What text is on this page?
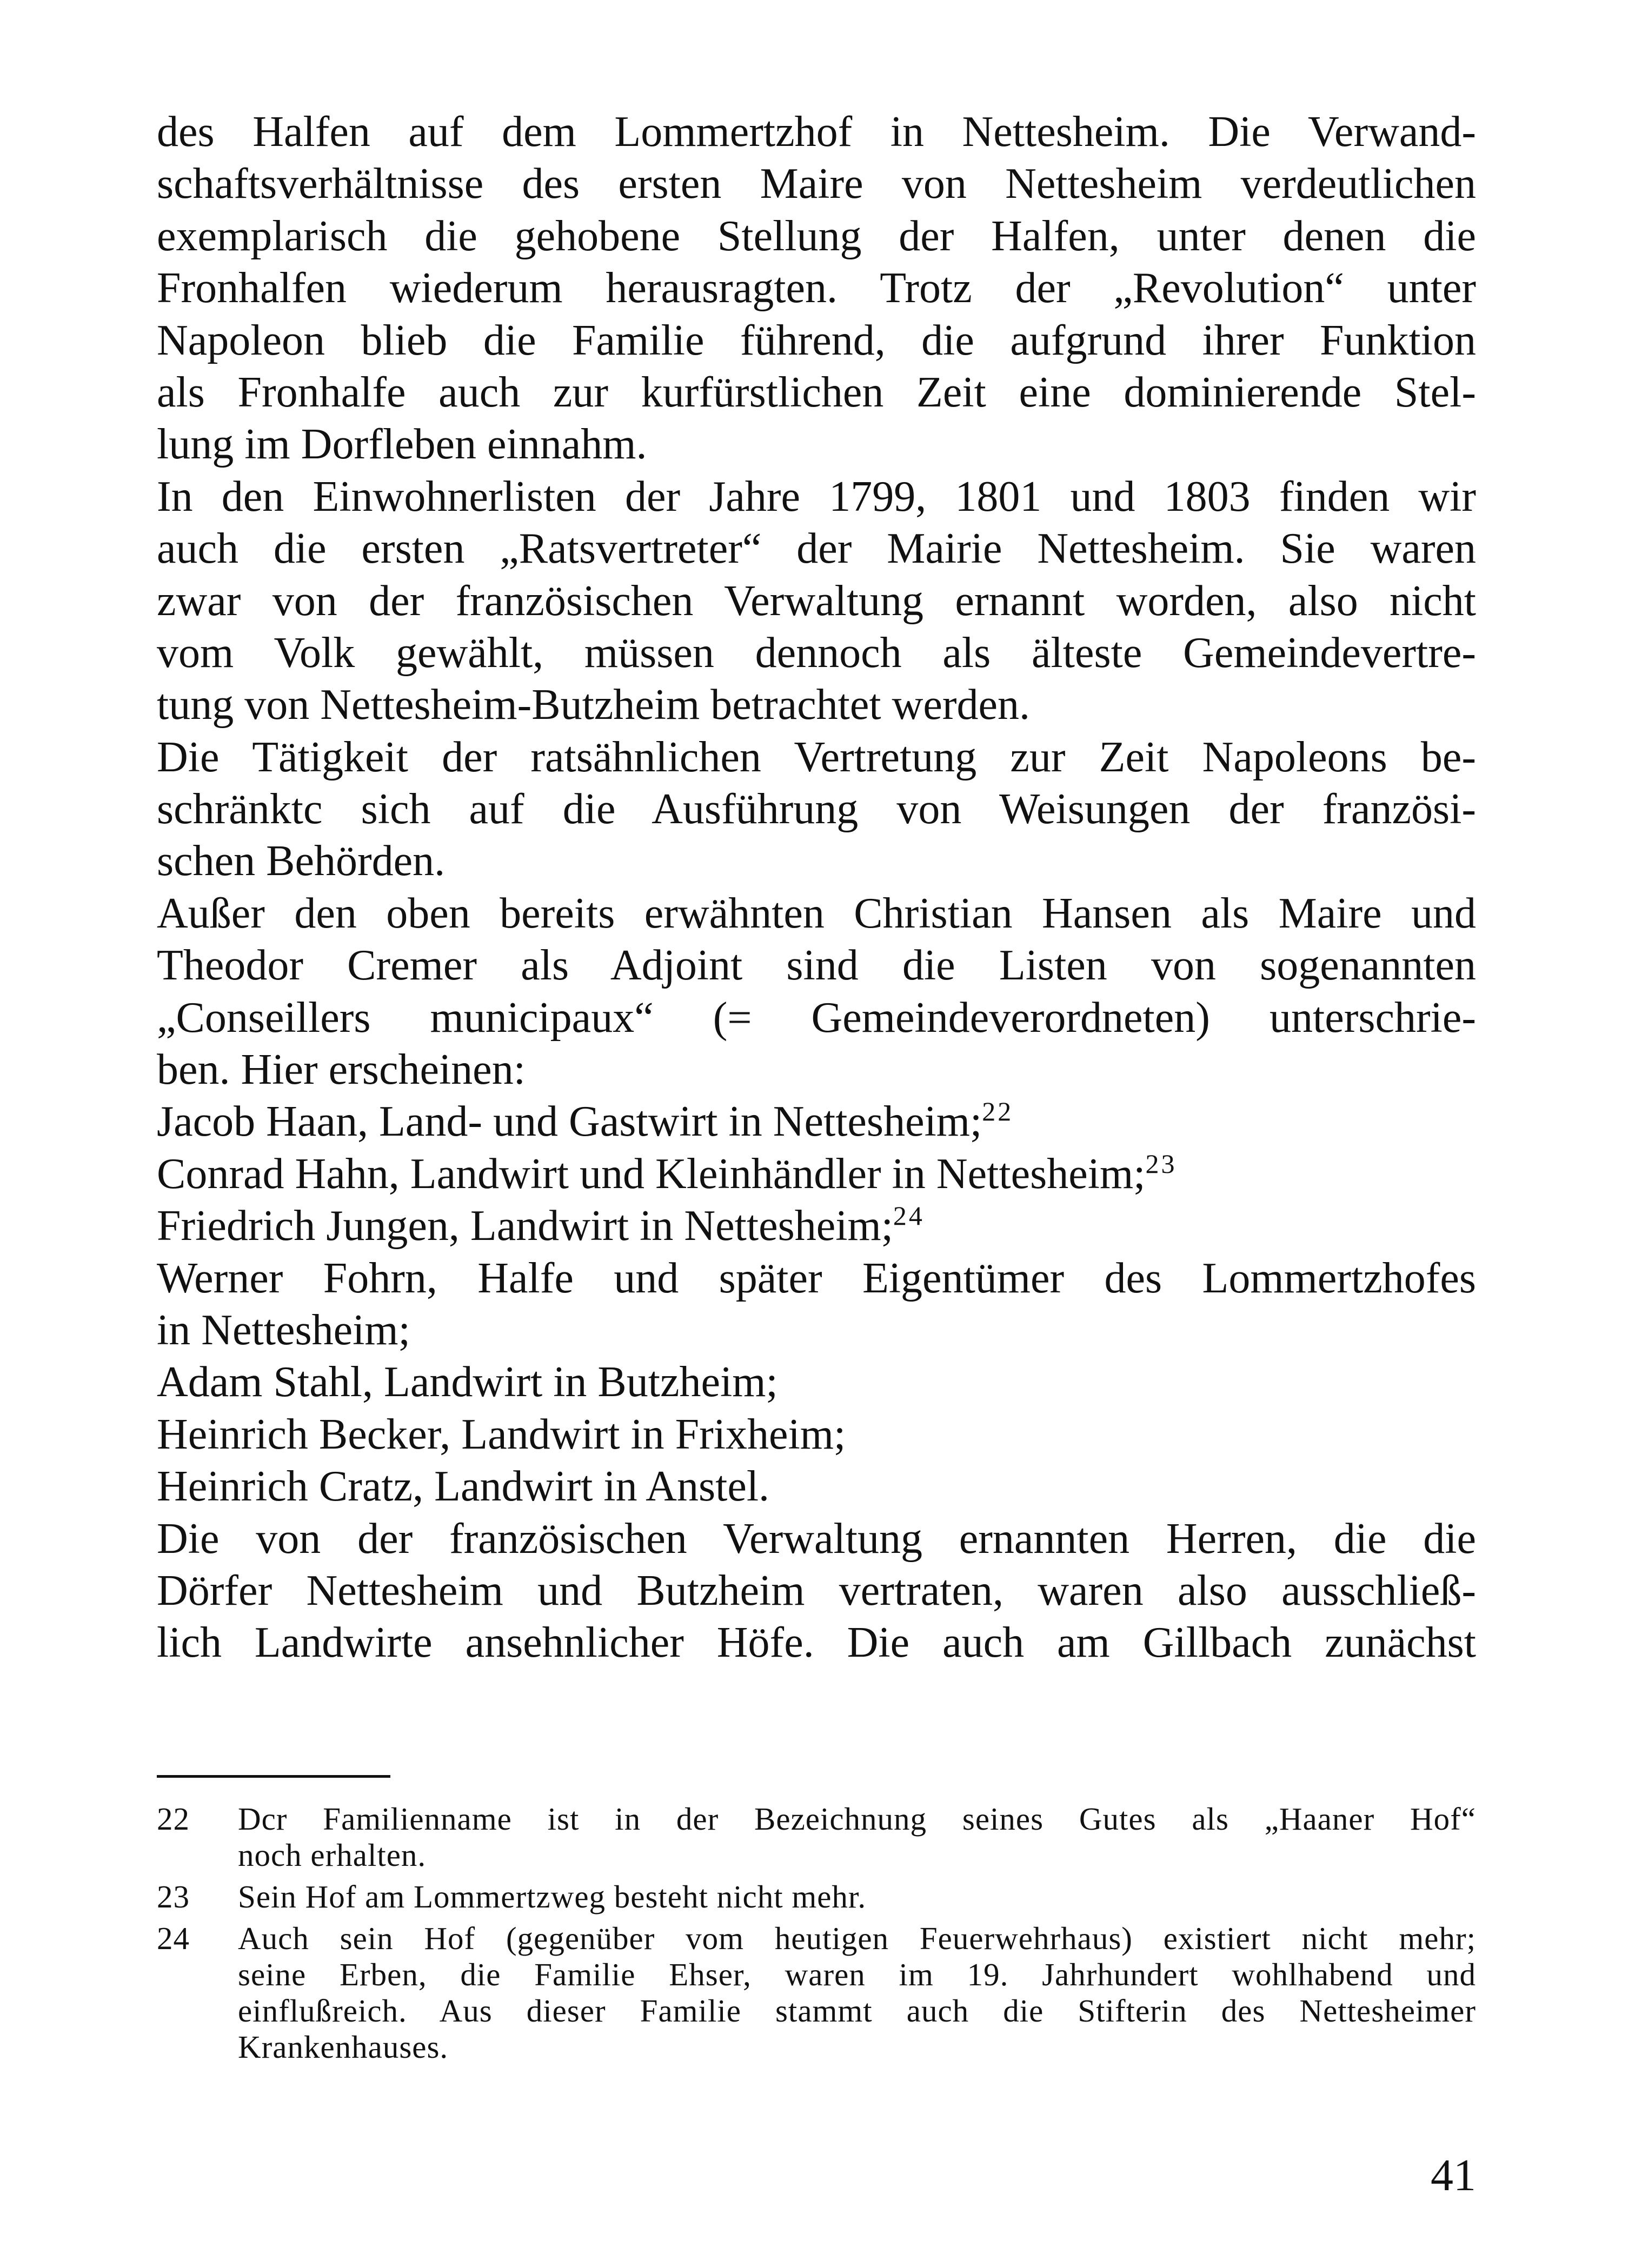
des Halfen auf dem Lommertzhof in Nettesheim. Die Verwand-
schaftsverhältnisse des ersten Maire von Nettesheim verdeutlichen
exemplarisch die gehobene Stellung der Halfen, unter denen die
Fronhalfen wiederum herausragten. Trotz der „Revolution“ unter
Napoleon blieb die Familie führend, die aufgrund ihrer Funktion
als Fronhalfe auch zur kurfürstlichen Zeit eine dominierende Stel-
lung im Dorfleben einnahm.
In den Einwohnerlisten der Jahre 1799, 1801 und 1803 finden wir
auch die ersten „Ratsvertreter“ der Mairie Nettesheim. Sie waren
zwar von der französischen Verwaltung ernannt worden, also nicht
vom Volk gewählt, müssen dennoch als älteste Gemeindevertre-
tung von Nettesheim-Butzheim betrachtet werden.
Die Tätigkeit der ratsähnlichen Vertretung zur Zeit Napoleons be-
schränktc sich auf die Ausführung von Weisungen der französi-
schen Behörden.
Außer den oben bereits erwähnten Christian Hansen als Maire und
Theodor Cremer als Adjoint sind die Listen von sogenannten
„Conseillers municipaux“ (= Gemeindeverordneten) unterschrie-
ben. Hier erscheinen:
Jacob Haan, Land- und Gastwirt in Nettesheim;$^{22}$
Conrad Hahn, Landwirt und Kleinhändler in Nettesheim;$^{23}$
Friedrich Jungen, Landwirt in Nettesheim;$^{24}$
Werner Fohrn, Halfe und später Eigentümer des Lommertzhofes
in Nettesheim;
Adam Stahl, Landwirt in Butzheim;
Heinrich Becker, Landwirt in Frixheim;
Heinrich Cratz, Landwirt in Anstel.
Die von der französischen Verwaltung ernannten Herren, die die
Dörfer Nettesheim und Butzheim vertraten, waren also ausschließ-
lich Landwirte ansehnlicher Höfe. Die auch am Gillbach zunächst
22 Dcr Familienname ist in der Bezeichnung seines Gutes als „Haaner Hof“
noch erhalten.
23 Sein Hof am Lommertzweg besteht nicht mehr.
24 Auch sein Hof (gegenüber vom heutigen Feuerwehrhaus) existiert nicht mehr;
seine Erben, die Familie Ehser, waren im 19. Jahrhundert wohlhabend und
einflußreich. Aus dieser Familie stammt auch die Stifterin des Nettesheimer
Krankenhauses.
41
